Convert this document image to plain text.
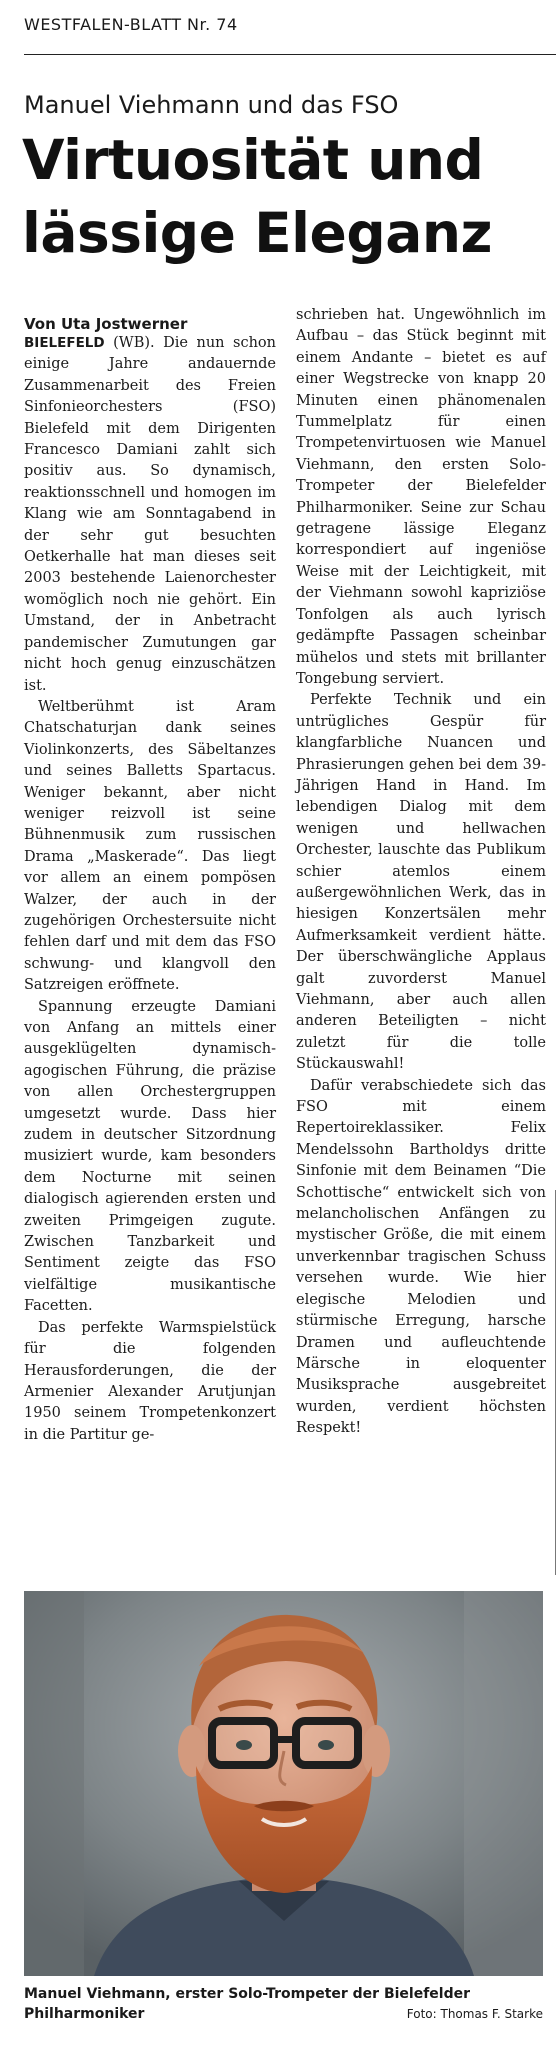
WESTFALEN-BLATT Nr. 74
Manuel Viehmann und das FSO
Virtuosität und lässige Eleganz
Von Uta Jostwerner

BIELEFELD (WB). Die nun schon einige Jahre andauernde Zusammenarbeit des Freien Sinfonieorchesters (FSO) Bielefeld mit dem Dirigenten Francesco Damiani zahlt sich positiv aus. So dynamisch, reaktionsschnell und homogen im Klang wie am Sonntagabend in der sehr gut besuchten Oetkerhalle hat man dieses seit 2003 bestehende Laienorchester womöglich noch nie gehört. Ein Umstand, der in Anbetracht pandemischer Zumutungen gar nicht hoch genug einzuschätzen ist.

Weltberühmt ist Aram Chatschaturjan dank seines Violinkonzerts, des Säbeltanzes und seines Balletts Spartacus. Weniger bekannt, aber nicht weniger reizvoll ist seine Bühnenmusik zum russischen Drama „Maskerade“. Das liegt vor allem an einem pompösen Walzer, der auch in der zugehörigen Orchestersuite nicht fehlen darf und mit dem das FSO schwung- und klangvoll den Satzreigen eröffnete.

Spannung erzeugte Damiani von Anfang an mittels einer ausgeklügelten dynamisch-agogischen Führung, die präzise von allen Orchestergruppen umgesetzt wurde. Dass hier zudem in deutscher Sitzordnung musiziert wurde, kam besonders dem Nocturne mit seinen dialogisch agierenden ersten und zweiten Primgeigen zugute. Zwischen Tanzbarkeit und Sentiment zeigte das FSO vielfältige musikantische Facetten.

Das perfekte Warmspielstück für die folgenden Herausforderungen, die der Armenier Alexander Arutjunjan 1950 seinem Trompetenkonzert in die Partitur ge-

schrieben hat. Ungewöhnlich im Aufbau – das Stück beginnt mit einem Andante – bietet es auf einer Wegstrecke von knapp 20 Minuten einen phänomenalen Tummelplatz für einen Trompetenvirtuosen wie Manuel Viehmann, den ersten Solo-Trompeter der Bielefelder Philharmoniker. Seine zur Schau getragene lässige Eleganz korrespondiert auf ingeniöse Weise mit der Leichtigkeit, mit der Viehmann sowohl kapriziöse Tonfolgen als auch lyrisch gedämpfte Passagen scheinbar mühelos und stets mit brillanter Tongebung serviert.

Perfekte Technik und ein untrügliches Gespür für klangfarbliche Nuancen und Phrasierungen gehen bei dem 39-Jährigen Hand in Hand. Im lebendigen Dialog mit dem wenigen und hellwachen Orchester, lauschte das Publikum schier atemlos einem außergewöhnlichen Werk, das in hiesigen Konzertsälen mehr Aufmerksamkeit verdient hätte. Der überschwängliche Applaus galt zuvorderst Manuel Viehmann, aber auch allen anderen Beteiligten – nicht zuletzt für die tolle Stückauswahl!

Dafür verabschiedete sich das FSO mit einem Repertoireklassiker. Felix Mendelssohn Bartholdys dritte Sinfonie mit dem Beinamen “Die Schottische“ entwickelt sich von melancholischen Anfängen zu mystischer Größe, die mit einem unverkennbar tragischen Schuss versehen wurde. Wie hier elegische Melodien und stürmische Erregung, harsche Dramen und aufleuchtende Märsche in eloquenter Musiksprache ausgebreitet wurden, verdient höchsten Respekt!

Manuel Viehmann, erster Solo-Trompeter der Bielefelder Philharmoniker	Foto: Thomas F. Starke
